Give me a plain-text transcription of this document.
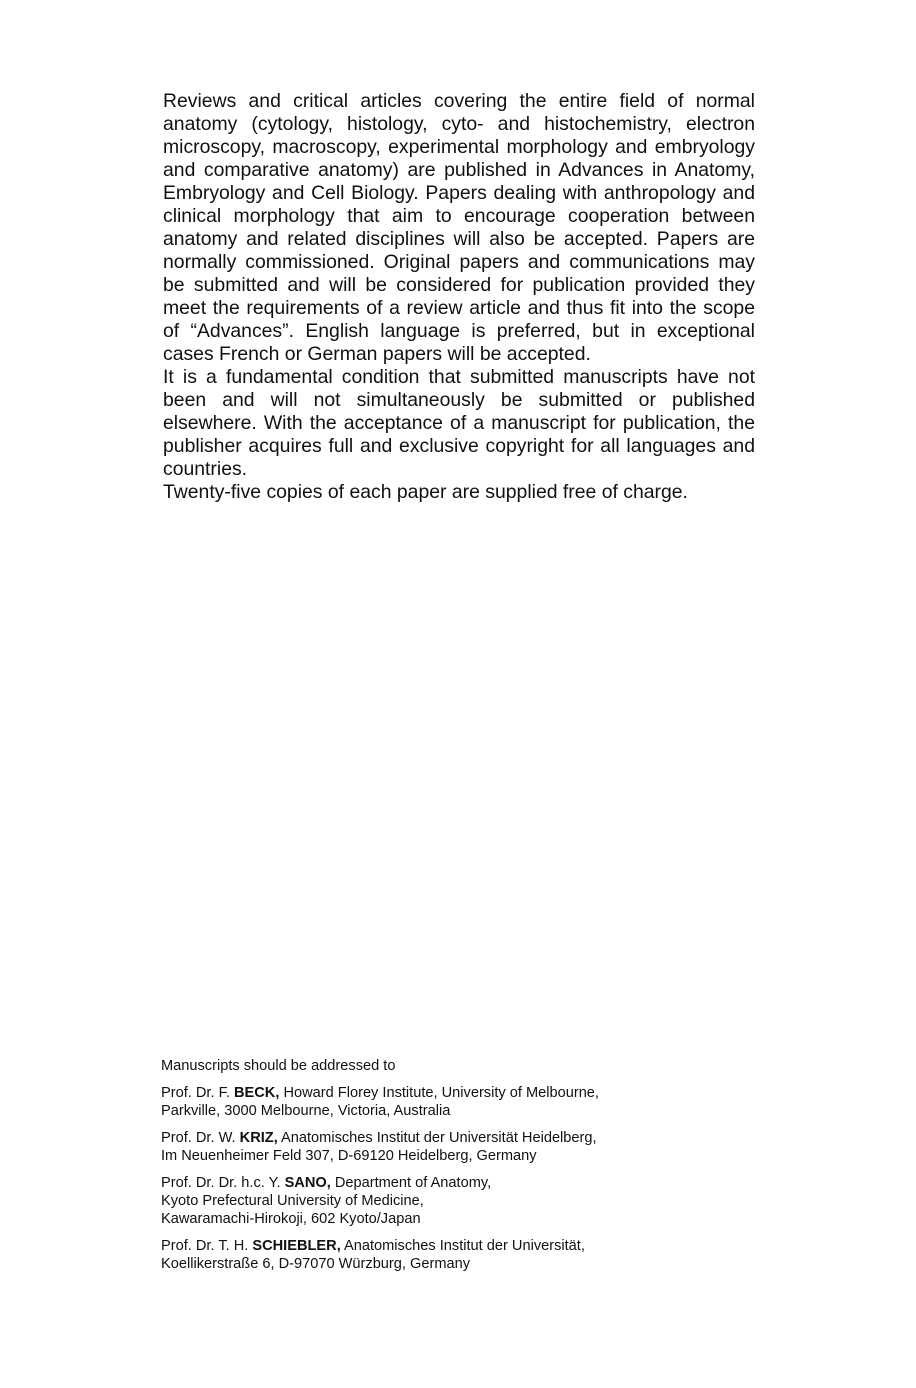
Reviews and critical articles covering the entire field of normal anatomy (cytology, histology, cyto- and histochemistry, electron microscopy, macroscopy, experimental morphology and embryology and comparative anatomy) are published in Advances in Anatomy, Embryology and Cell Biology. Papers dealing with anthropology and clinical morphology that aim to encourage cooperation between anatomy and related disciplines will also be accepted. Papers are normally commissioned. Original papers and communications may be submitted and will be considered for publication provided they meet the requirements of a review article and thus fit into the scope of “Advances”. English language is preferred, but in exceptional cases French or German papers will be accepted.

It is a fundamental condition that submitted manuscripts have not been and will not simultaneously be submitted or published elsewhere. With the acceptance of a manuscript for publication, the publisher acquires full and exclusive copyright for all languages and countries.

Twenty-five copies of each paper are supplied free of charge.

Manuscripts should be addressed to

Prof. Dr. F. BECK, Howard Florey Institute, University of Melbourne,
Parkville, 3000 Melbourne, Victoria, Australia
Prof. Dr. W. KRIZ, Anatomisches Institut der Universität Heidelberg,
Im Neuenheimer Feld 307, D-69120 Heidelberg, Germany
Prof. Dr. Dr. h.c. Y. SANO, Department of Anatomy,
Kyoto Prefectural University of Medicine,
Kawaramachi-Hirokoji, 602 Kyoto/Japan
Prof. Dr. T. H. SCHIEBLER, Anatomisches Institut der Universität,
Koellikerstraße 6, D-97070 Würzburg, Germany
